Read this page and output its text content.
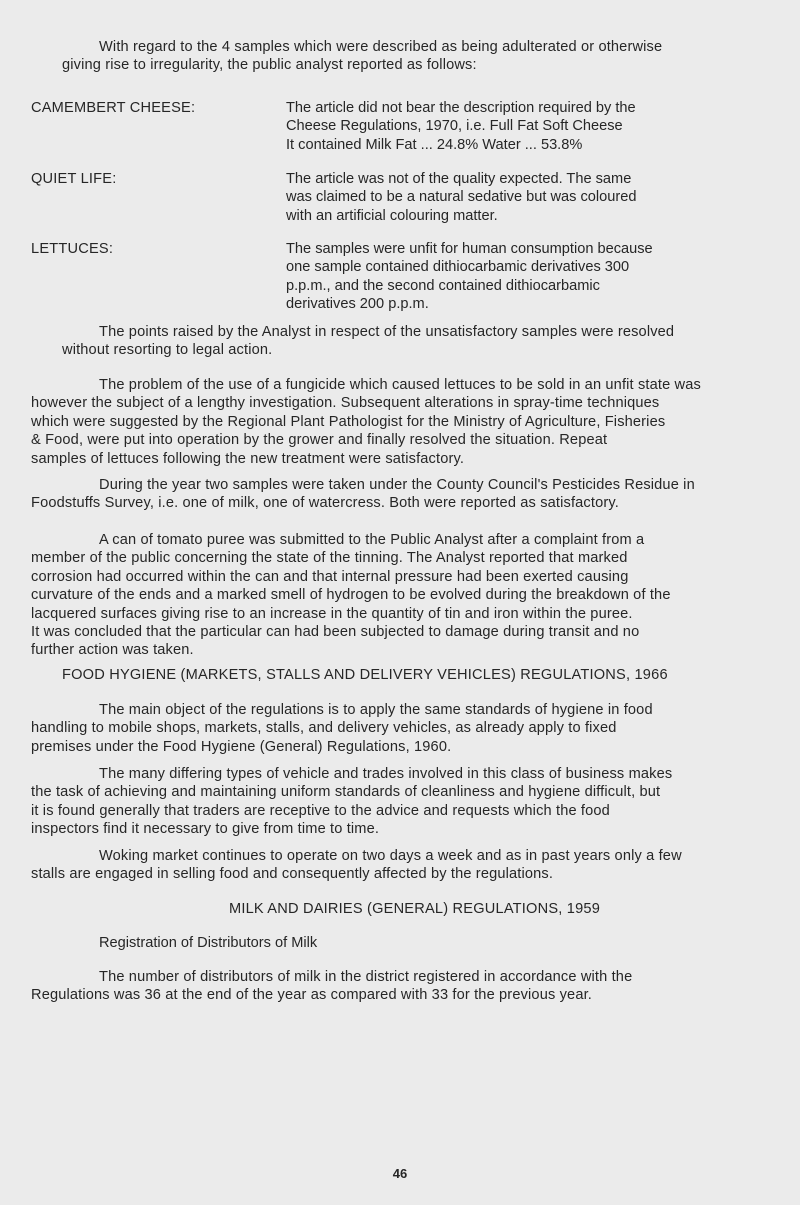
With regard to the 4 samples which were described as being adulterated or otherwise
giving rise to irregularity, the public analyst reported as follows:
CAMEMBERT CHEESE:	The article did not bear the description required by the
Cheese Regulations, 1970, i.e. Full Fat Soft Cheese
It contained Milk Fat ... 24.8% Water ... 53.8%
QUIET LIFE:	The article was not of the quality expected. The same
was claimed to be a natural sedative but was coloured
with an artificial colouring matter.
LETTUCES:	The samples were unfit for human consumption because
one sample contained dithiocarbamic derivatives 300
p.p.m., and the second contained dithiocarbamic
derivatives 200 p.p.m.
The points raised by the Analyst in respect of the unsatisfactory samples were resolved
without resorting to legal action.
The problem of the use of a fungicide which caused lettuces to be sold in an unfit state was
however the subject of a lengthy investigation. Subsequent alterations in spray-time techniques
which were suggested by the Regional Plant Pathologist for the Ministry of Agriculture, Fisheries
& Food, were put into operation by the grower and finally resolved the situation. Repeat
samples of lettuces following the new treatment were satisfactory.
During the year two samples were taken under the County Council's Pesticides Residue in
Foodstuffs Survey, i.e. one of milk, one of watercress. Both were reported as satisfactory.
A can of tomato puree was submitted to the Public Analyst after a complaint from a
member of the public concerning the state of the tinning. The Analyst reported that marked
corrosion had occurred within the can and that internal pressure had been exerted causing
curvature of the ends and a marked smell of hydrogen to be evolved during the breakdown of the
lacquered surfaces giving rise to an increase in the quantity of tin and iron within the puree.
It was concluded that the particular can had been subjected to damage during transit and no
further action was taken.
FOOD HYGIENE (MARKETS, STALLS AND DELIVERY VEHICLES) REGULATIONS, 1966
The main object of the regulations is to apply the same standards of hygiene in food
handling to mobile shops, markets, stalls, and delivery vehicles, as already apply to fixed
premises under the Food Hygiene (General) Regulations, 1960.
The many differing types of vehicle and trades involved in this class of business makes
the task of achieving and maintaining uniform standards of cleanliness and hygiene difficult, but
it is found generally that traders are receptive to the advice and requests which the food
inspectors find it necessary to give from time to time.
Woking market continues to operate on two days a week and as in past years only a few
stalls are engaged in selling food and consequently affected by the regulations.
MILK AND DAIRIES (GENERAL) REGULATIONS, 1959
Registration of Distributors of Milk
The number of distributors of milk in the district registered in accordance with the
Regulations was 36 at the end of the year as compared with 33 for the previous year.
46
